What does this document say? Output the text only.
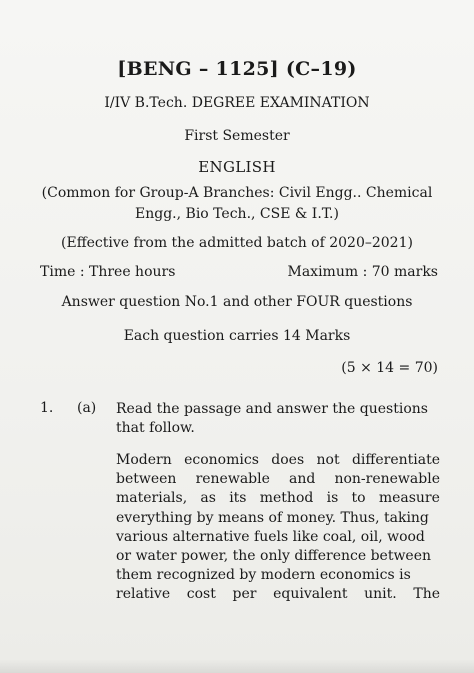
[BENG – 1125] (C–19)
I/IV B.Tech. DEGREE EXAMINATION
First Semester
ENGLISH
(Common for Group-A Branches: Civil Engg.. Chemical
Engg., Bio Tech., CSE & I.T.)
(Effective from the admitted batch of 2020–2021)
Time : Three hours	Maximum : 70 marks
Answer question No.1 and other FOUR questions
Each question carries 14 Marks
(5 × 14 = 70)
1. (a) Read the passage and answer the questions
that follow.
Modern economics does not differentiate
between renewable and non-renewable
materials, as its method is to measure
everything by means of money. Thus, taking
various alternative fuels like coal, oil, wood
or water power, the only difference between
them recognized by modern economics is
relative cost per equivalent unit. The
